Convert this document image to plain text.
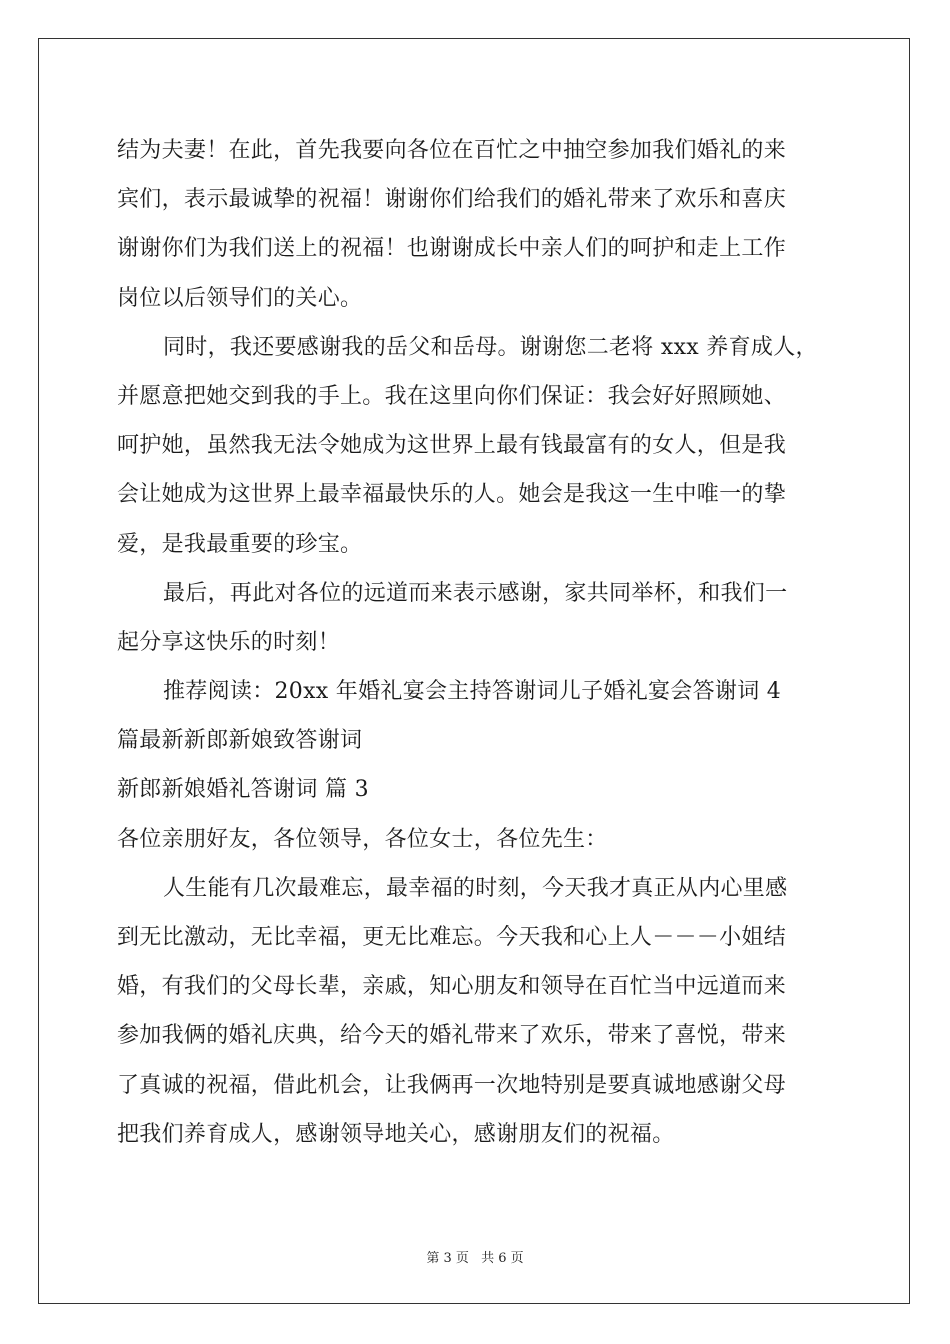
结为夫妻！在此，首先我要向各位在百忙之中抽空参加我们婚礼的来
宾们，表示最诚挚的祝福！谢谢你们给我们的婚礼带来了欢乐和喜庆
谢谢你们为我们送上的祝福！也谢谢成长中亲人们的呵护和走上工作
岗位以后领导们的关心。
同时，我还要感谢我的岳父和岳母。谢谢您二老将 xxx 养育成人，
并愿意把她交到我的手上。我在这里向你们保证：我会好好照顾她、
呵护她，虽然我无法令她成为这世界上最有钱最富有的女人，但是我
会让她成为这世界上最幸福最快乐的人。她会是我这一生中唯一的挚
爱，是我最重要的珍宝。
最后，再此对各位的远道而来表示感谢，家共同举杯，和我们一
起分享这快乐的时刻！
推荐阅读：20xx 年婚礼宴会主持答谢词儿子婚礼宴会答谢词 4
篇最新新郎新娘致答谢词
新郎新娘婚礼答谢词 篇 3
各位亲朋好友，各位领导，各位女士，各位先生：
人生能有几次最难忘，最幸福的时刻，今天我才真正从内心里感
到无比激动，无比幸福，更无比难忘。今天我和心上人－－－小姐结
婚，有我们的父母长辈，亲戚，知心朋友和领导在百忙当中远道而来
参加我俩的婚礼庆典，给今天的婚礼带来了欢乐，带来了喜悦，带来
了真诚的祝福，借此机会，让我俩再一次地特别是要真诚地感谢父母
把我们养育成人，感谢领导地关心，感谢朋友们的祝福。
第 3 页 共 6 页
